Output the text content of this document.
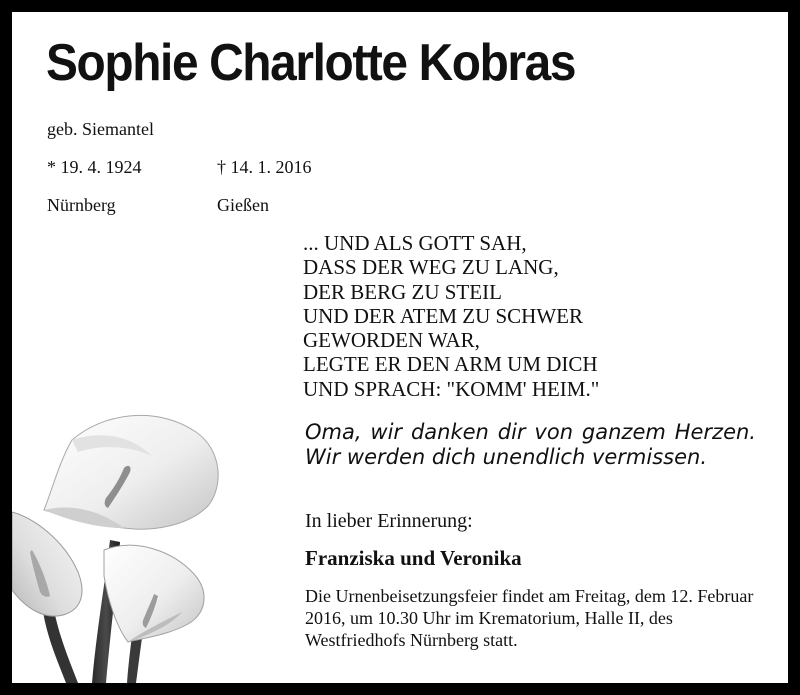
Sophie Charlotte Kobras
geb. Siemantel
* 19. 4. 1924	† 14. 1. 2016
Nürnberg	Gießen
... UND ALS GOTT SAH,
DASS DER WEG ZU LANG,
DER BERG ZU STEIL
UND DER ATEM ZU SCHWER
GEWORDEN WAR,
LEGTE ER DEN ARM UM DICH
UND SPRACH: "KOMM' HEIM."

Oma, wir danken dir von ganzem Herzen. Wir werden dich unendlich vermissen.

In lieber Erinnerung:
Franziska und Veronika

Die Urnenbeisetzungsfeier findet am Freitag, dem 12. Februar 2016, um 10.30 Uhr im Krematorium, Halle II, des Westfriedhofs Nürnberg statt.
